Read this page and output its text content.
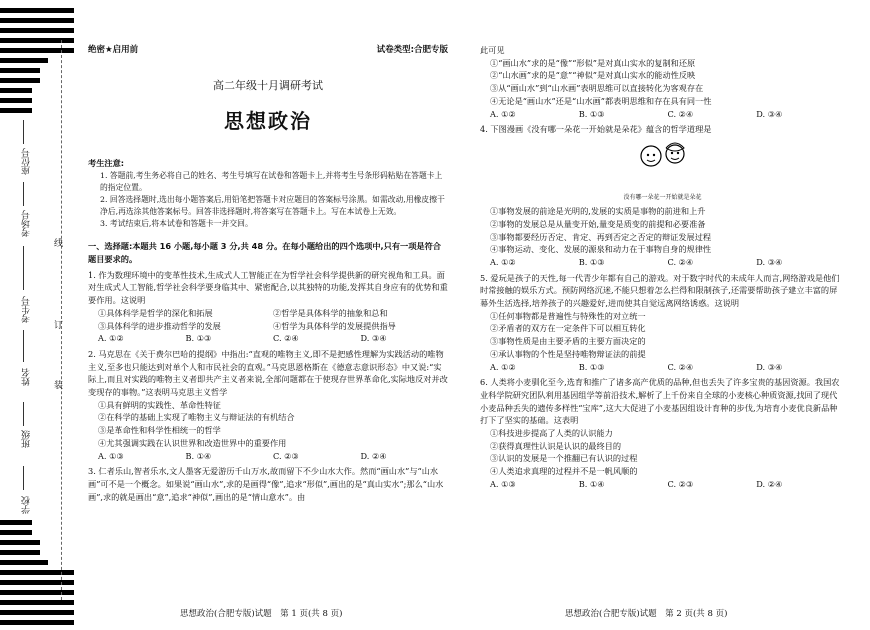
座位号
考场号
考生号
姓名
班级
学校
线
订
装
绝密★启用前	试卷类型:合肥专版
高二年级十月调研考试
思想政治
考生注意:

1. 答题前,考生务必将自己的姓名、考生号填写在试卷和答题卡上,并将考生号条形码粘贴在答题卡上的指定位置。

2. 回答选择题时,选出每小题答案后,用铅笔把答题卡对应题目的答案标号涂黑。如需改动,用橡皮擦干净后,再选涂其他答案标号。回答非选择题时,将答案写在答题卡上。写在本试卷上无效。

3. 考试结束后,将本试卷和答题卡一并交回。

一、选择题:本题共 16 小题,每小题 3 分,共 48 分。在每小题给出的四个选项中,只有一项是符合题目要求的。
1. 作为数理环境中的变革性技术,生成式人工智能正在为哲学社会科学提供新的研究视角和工具。面对生成式人工智能,哲学社会科学要身临其中、紧密配合,以其独特的功能,发挥其自身应有的优势和重要作用。这说明
①具体科学是哲学的深化和拓展	②哲学是具体科学的抽象和总和
③具体科学的进步推动哲学的发展	④哲学为具体科学的发展提供指导
A. ①②	B. ①③	C. ②④	D. ③④
2. 马克思在《关于费尔巴哈的提纲》中指出:“直观的唯物主义,即不是把感性理解为实践活动的唯物主义,至多也只能达到对单个人和市民社会的直观。”马克思恩格斯在《德意志意识形态》中又说:“实际上,而且对实践的唯物主义者即共产主义者来说,全部问题都在于使现存世界革命化,实际地反对并改变现存的事物。”这表明马克思主义哲学
①具有鲜明的实践性、革命性特征
②在科学的基础上实现了唯物主义与辩证法的有机结合
③是革命性和科学性相统一的哲学
④尤其强调实践在认识世界和改造世界中的重要作用
A. ①③	B. ①④	C. ②③	D. ②④
3. 仁者乐山,智者乐水,文人墨客无爱游历千山万水,故而留下不少山水大作。然而“画山水”与“山水画”可不是一个概念。如果说“画山水”,求的是画得“像”,追求“形似”,画出的是“真山实水”;那么“山水画”,求的就是画出“意”,追求“神似”,画出的是“情山意水”。由
思想政治(合肥专版)试题　第 1 页(共 8 页)
此可见
①“画山水”求的是“像”“形似”是对真山实水的复制和还原
②“山水画”求的是“意”“神似”是对真山实水的能动性反映
③从“画山水”到“山水画”表明思维可以直接转化为客观存在
④无论是“画山水”还是“山水画”都表明思维和存在具有同一性
A. ①②	B. ①③	C. ②④	D. ③④
4. 下图漫画《没有哪一朵花一开始就是朵花》蕴含的哲学道理是
没有哪一朵花一开始就是朵花
①事物发展的前途是光明的,发展的实质是事物的前进和上升
②事物的发展总是从量变开始,量变是质变的前提和必要准备
③事物都要经历否定、肯定、再到否定之否定的辩证发展过程
④事物运动、变化、发展的源泉和动力在于事物自身的规律性
A. ①②	B. ①③	C. ②④	D. ③④
5. 爱玩是孩子的天性,每一代青少年都有自己的游戏。对于数字时代的未成年人而言,网络游戏是他们时常接触的娱乐方式。预防网络沉迷,不能只想着怎么拦得和限制孩子,还需要帮助孩子建立丰富的屏幕外生活选择,培养孩子的兴趣爱好,进而使其自觉远离网络诱惑。这说明
①任何事物都是普遍性与特殊性的对立统一
②矛盾者的双方在一定条件下可以相互转化
③事物性质是由主要矛盾的主要方面决定的
④承认事物的个性是坚持唯物辩证法的前提
A. ①②	B. ①③	C. ②④	D. ③④
6. 人类将小麦驯化至今,选育和推广了诸多高产优质的品种,但也丢失了许多宝贵的基因资源。我国农业科学院研究团队利用基因组学等前沿技术,解析了上千份来自全球的小麦核心种质资源,找回了现代小麦品种丢失的遗传多样性“宝库”,这大大促进了小麦基因组设计育种的步伐,为培育小麦优良新品种打下了坚实的基础。这表明
①科技进步提高了人类的认识能力
②获得真理性认识是认识的最终目的
③认识的发展是一个推翻已有认识的过程
④人类追求真理的过程并不是一帆风顺的
A. ①③	B. ①④	C. ②③	D. ②④
思想政治(合肥专版)试题　第 2 页(共 8 页)
